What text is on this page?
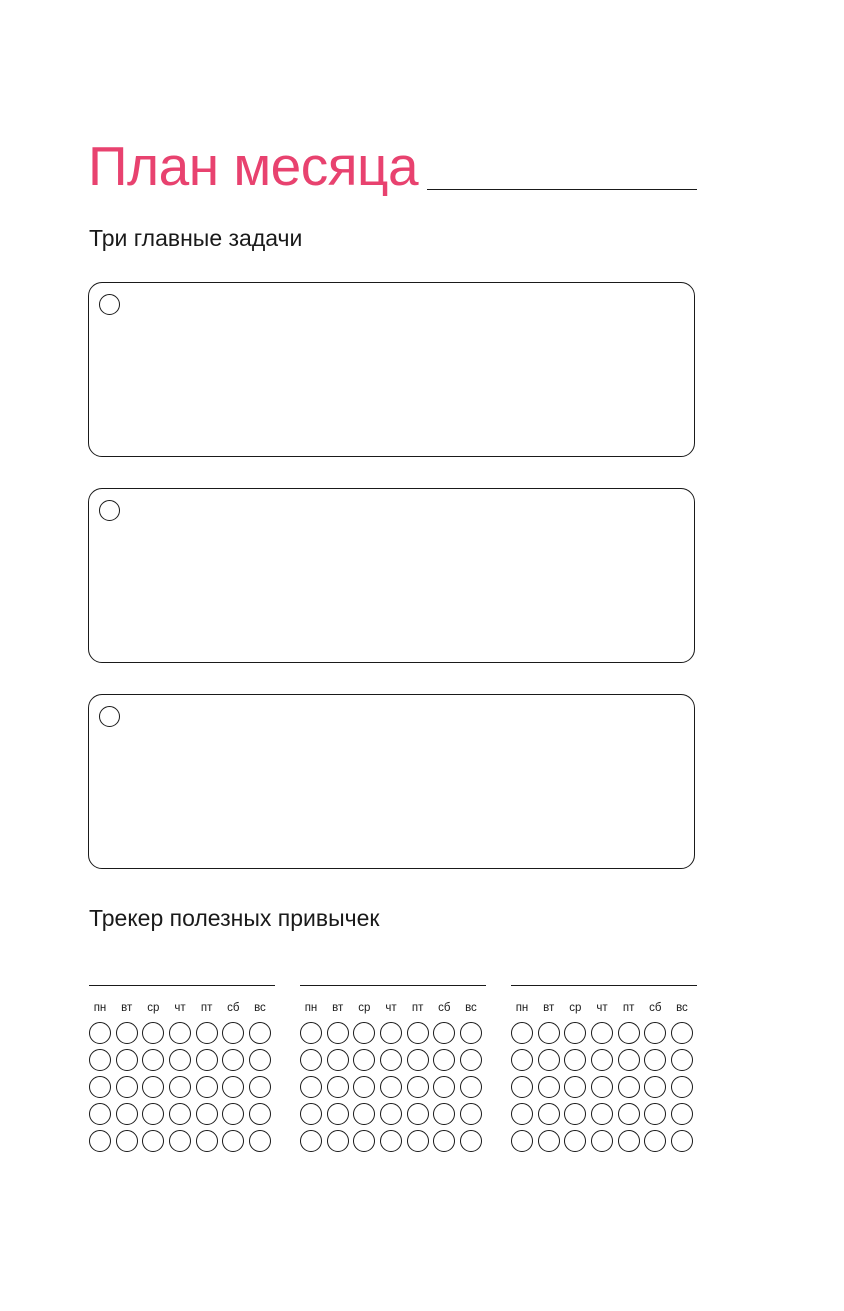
План месяца
Три главные задачи
Трекер полезных привычек
пн	вт	ср	чт	пт	сб	вс	пн	вт	ср	чт	пт	сб	вс	пн	вт	ср	чт	пт	сб	вс
